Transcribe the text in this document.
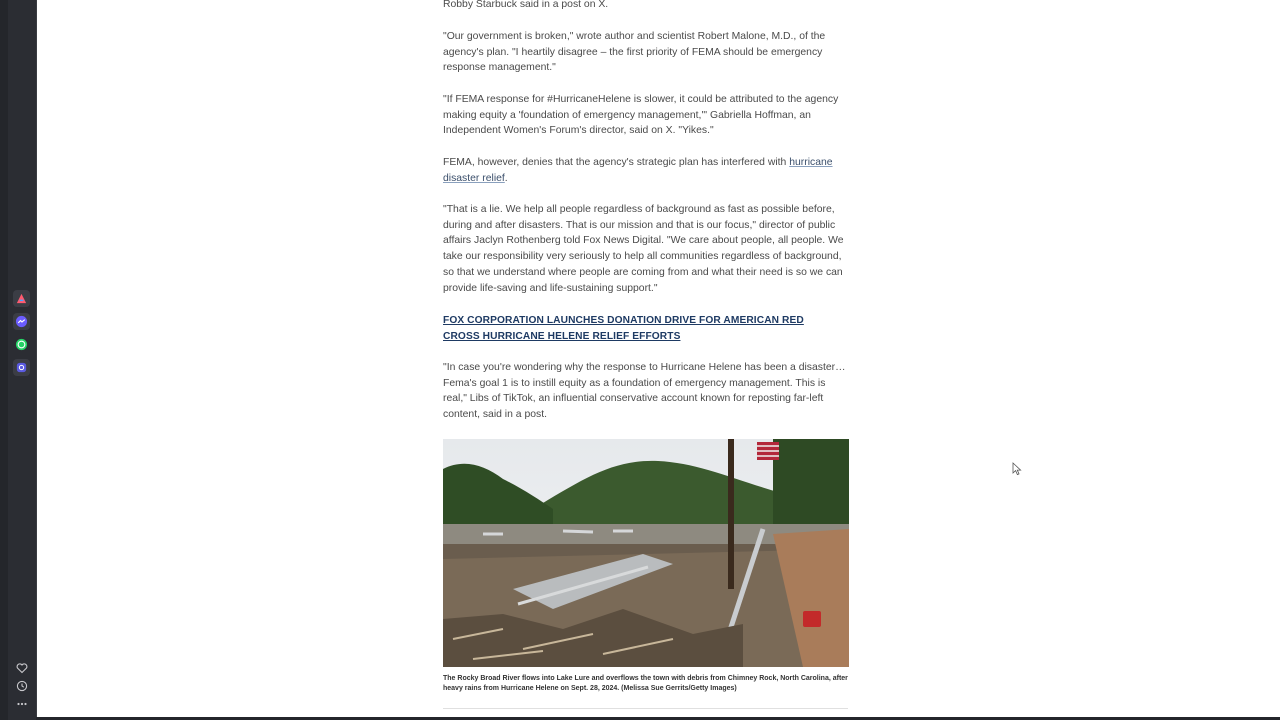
Robby Starbuck said in a post on X.

"Our government is broken," wrote author and scientist Robert Malone, M.D., of the agency's plan. "I heartily disagree – the first priority of FEMA should be emergency response management."

"If FEMA response for #HurricaneHelene is slower, it could be attributed to the agency making equity a 'foundation of emergency management,'" Gabriella Hoffman, an Independent Women's Forum's director, said on X. "Yikes."

FEMA, however, denies that the agency's strategic plan has interfered with hurricane disaster relief.

"That is a lie. We help all people regardless of background as fast as possible before, during and after disasters. That is our mission and that is our focus," director of public affairs Jaclyn Rothenberg told Fox News Digital. "We care about people, all people. We take our responsibility very seriously to help all communities regardless of background, so that we understand where people are coming from and what their need is so we can provide life-saving and life-sustaining support."

FOX CORPORATION LAUNCHES DONATION DRIVE FOR AMERICAN RED CROSS HURRICANE HELENE RELIEF EFFORTS

"In case you're wondering why the response to Hurricane Helene has been a disaster… Fema's goal 1 is to instill equity as a foundation of emergency management. This is real," Libs of TikTok, an influential conservative account known for reposting far-left content, said in a post.

The Rocky Broad River flows into Lake Lure and overflows the town with debris from Chimney Rock, North Carolina, after heavy rains from Hurricane Helene on Sept. 28, 2024. (Melissa Sue Gerrits/Getty Images)
